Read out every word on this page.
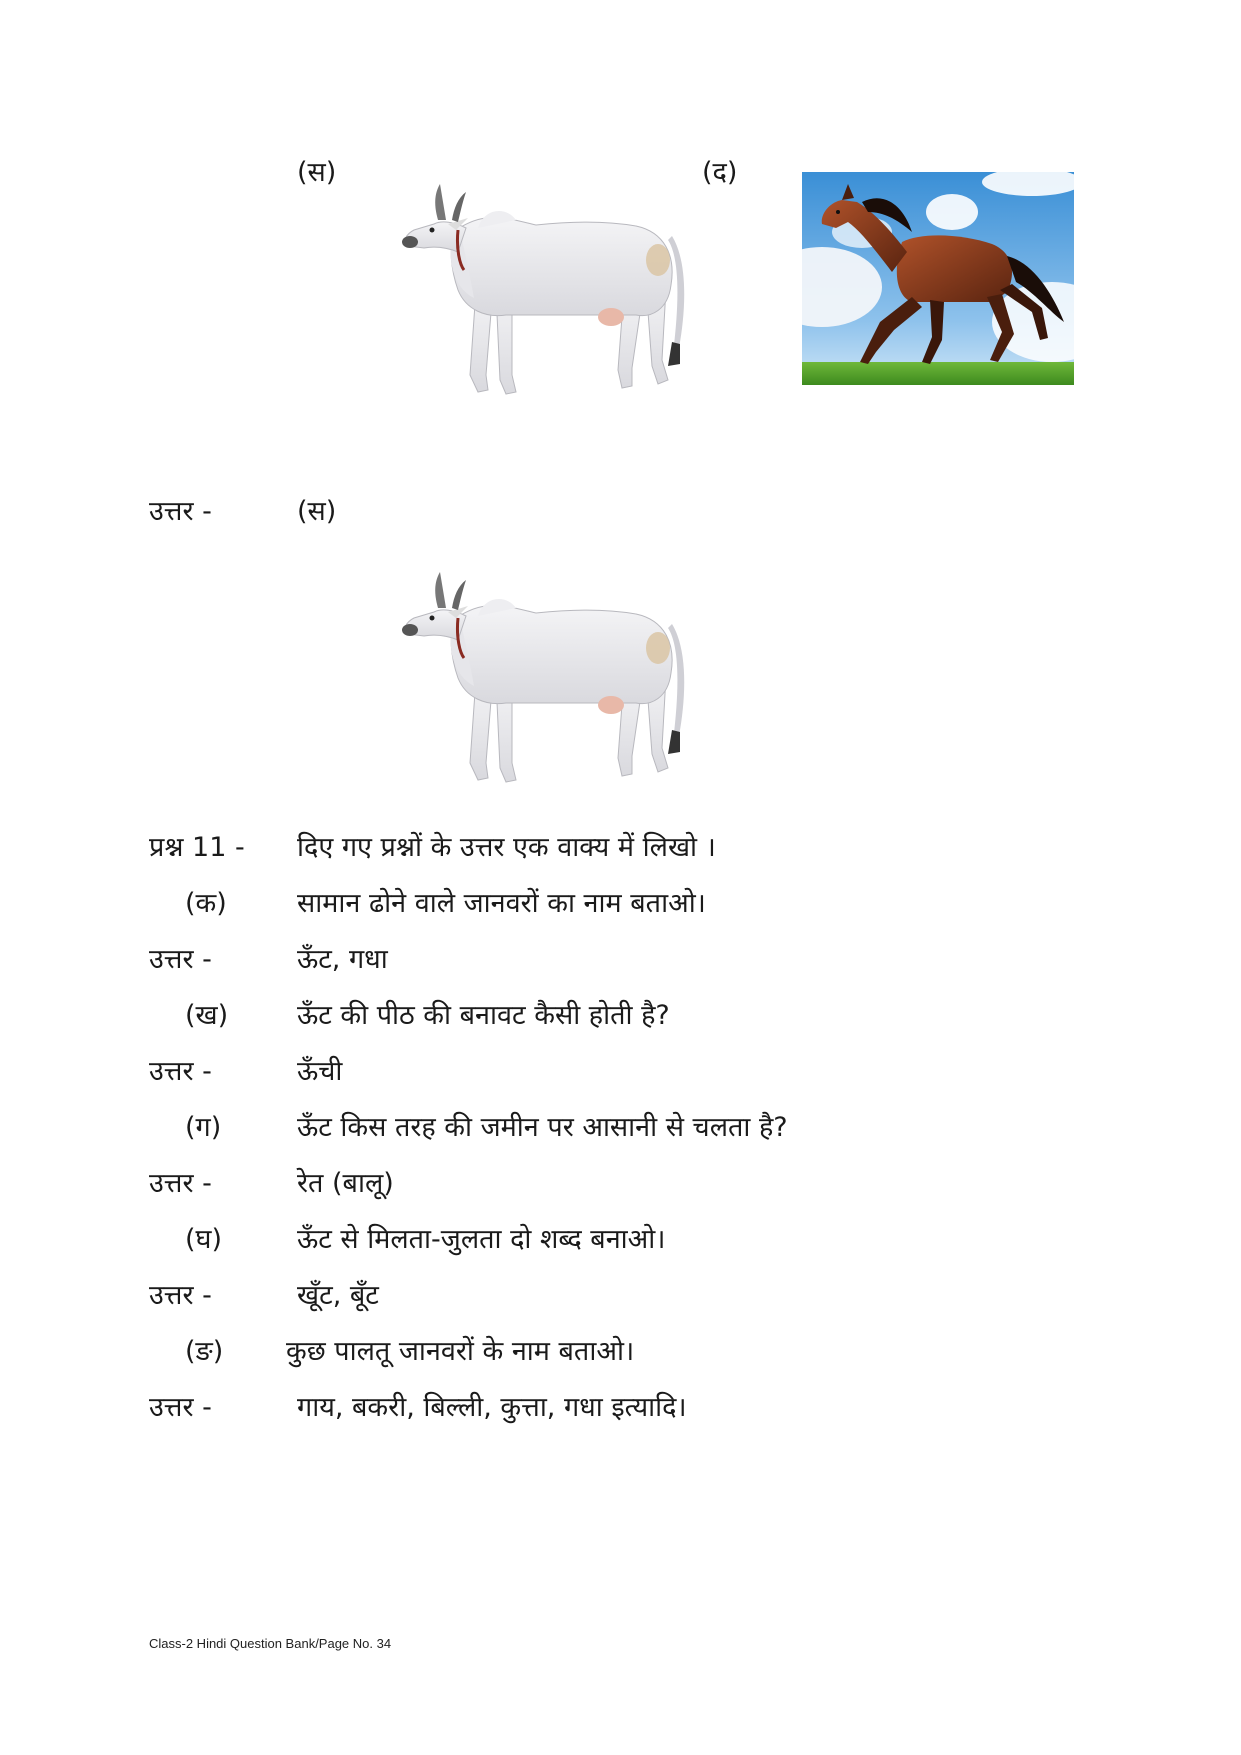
(स)	(द)
उत्तर -	(स)
प्रश्न 11 - दिए गए प्रश्नों के उत्तर एक वाक्य में लिखो ।
(क)	सामान ढोने वाले जानवरों का नाम बताओ।
उत्तर -	ऊँट, गधा
(ख)	ऊँट की पीठ की बनावट कैसी होती है?
उत्तर -	ऊँची
(ग)	ऊँट किस तरह की जमीन पर आसानी से चलता है?
उत्तर -	रेत (बालू)
(घ)	ऊँट से मिलता-जुलता दो शब्द बनाओ।
उत्तर -	खूँट, बूँट
(ङ) कुछ पालतू जानवरों के नाम बताओ।
उत्तर -	गाय, बकरी, बिल्ली, कुत्ता, गधा इत्यादि।
Class-2 Hindi Question Bank/Page No. 34
